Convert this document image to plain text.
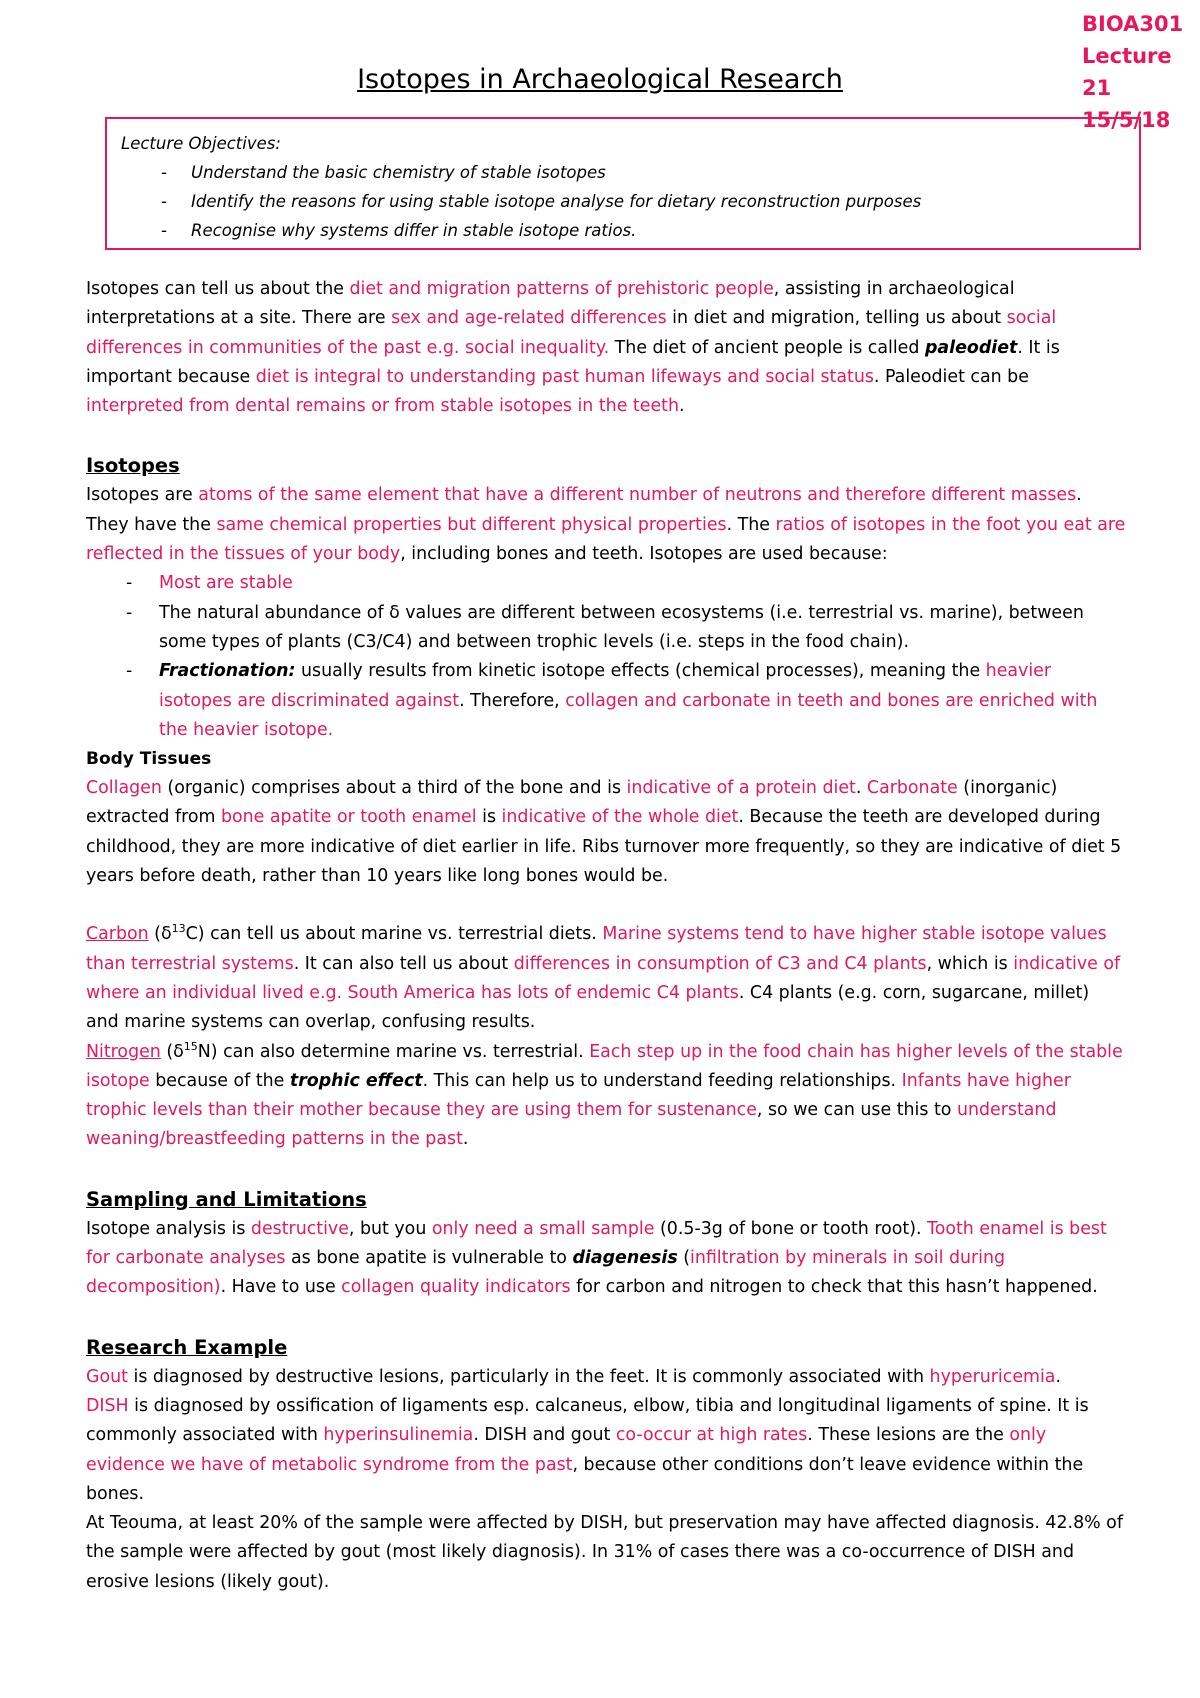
BIOA301
Lecture 21
15/5/18
Isotopes in Archaeological Research
Lecture Objectives:
- Understand the basic chemistry of stable isotopes
- Identify the reasons for using stable isotope analyse for dietary reconstruction purposes
- Recognise why systems differ in stable isotope ratios.

Isotopes can tell us about the diet and migration patterns of prehistoric people, assisting in archaeological interpretations at a site. There are sex and age-related differences in diet and migration, telling us about social differences in communities of the past e.g. social inequality. The diet of ancient people is called paleodiet. It is important because diet is integral to understanding past human lifeways and social status. Paleodiet can be interpreted from dental remains or from stable isotopes in the teeth.

Isotopes

Isotopes are atoms of the same element that have a different number of neutrons and therefore different masses. They have the same chemical properties but different physical properties. The ratios of isotopes in the foot you eat are reflected in the tissues of your body, including bones and teeth. Isotopes are used because:

- Most are stable
- The natural abundance of δ values are different between ecosystems (i.e. terrestrial vs. marine), between some types of plants (C3/C4) and between trophic levels (i.e. steps in the food chain).
- Fractionation: usually results from kinetic isotope effects (chemical processes), meaning the heavier isotopes are discriminated against. Therefore, collagen and carbonate in teeth and bones are enriched with the heavier isotope.
Body Tissues

Collagen (organic) comprises about a third of the bone and is indicative of a protein diet. Carbonate (inorganic) extracted from bone apatite or tooth enamel is indicative of the whole diet. Because the teeth are developed during childhood, they are more indicative of diet earlier in life. Ribs turnover more frequently, so they are indicative of diet 5 years before death, rather than 10 years like long bones would be.

Carbon $(\delta^{13}C)$ can tell us about marine vs. terrestrial diets. Marine systems tend to have higher stable isotope values than terrestrial systems. It can also tell us about differences in consumption of C3 and C4 plants, which is indicative of where an individual lived e.g. South America has lots of endemic C4 plants. C4 plants (e.g. corn, sugarcane, millet) and marine systems can overlap, confusing results.

Nitrogen $(\delta^{15}N)$ can also determine marine vs. terrestrial. Each step up in the food chain has higher levels of the stable isotope because of the trophic effect. This can help us to understand feeding relationships. Infants have higher trophic levels than their mother because they are using them for sustenance, so we can use this to understand weaning/breastfeeding patterns in the past.

Sampling and Limitations

Isotope analysis is destructive, but you only need a small sample (0.5-3g of bone or tooth root). Tooth enamel is best for carbonate analyses as bone apatite is vulnerable to diagenesis (infiltration by minerals in soil during decomposition). Have to use collagen quality indicators for carbon and nitrogen to check that this hasn’t happened.

Research Example

Gout is diagnosed by destructive lesions, particularly in the feet. It is commonly associated with hyperuricemia.

DISH is diagnosed by ossification of ligaments esp. calcaneus, elbow, tibia and longitudinal ligaments of spine. It is commonly associated with hyperinsulinemia. DISH and gout co-occur at high rates. These lesions are the only evidence we have of metabolic syndrome from the past, because other conditions don’t leave evidence within the bones.

At Teouma, at least 20% of the sample were affected by DISH, but preservation may have affected diagnosis. 42.8% of the sample were affected by gout (most likely diagnosis). In 31% of cases there was a co-occurrence of DISH and erosive lesions (likely gout).
